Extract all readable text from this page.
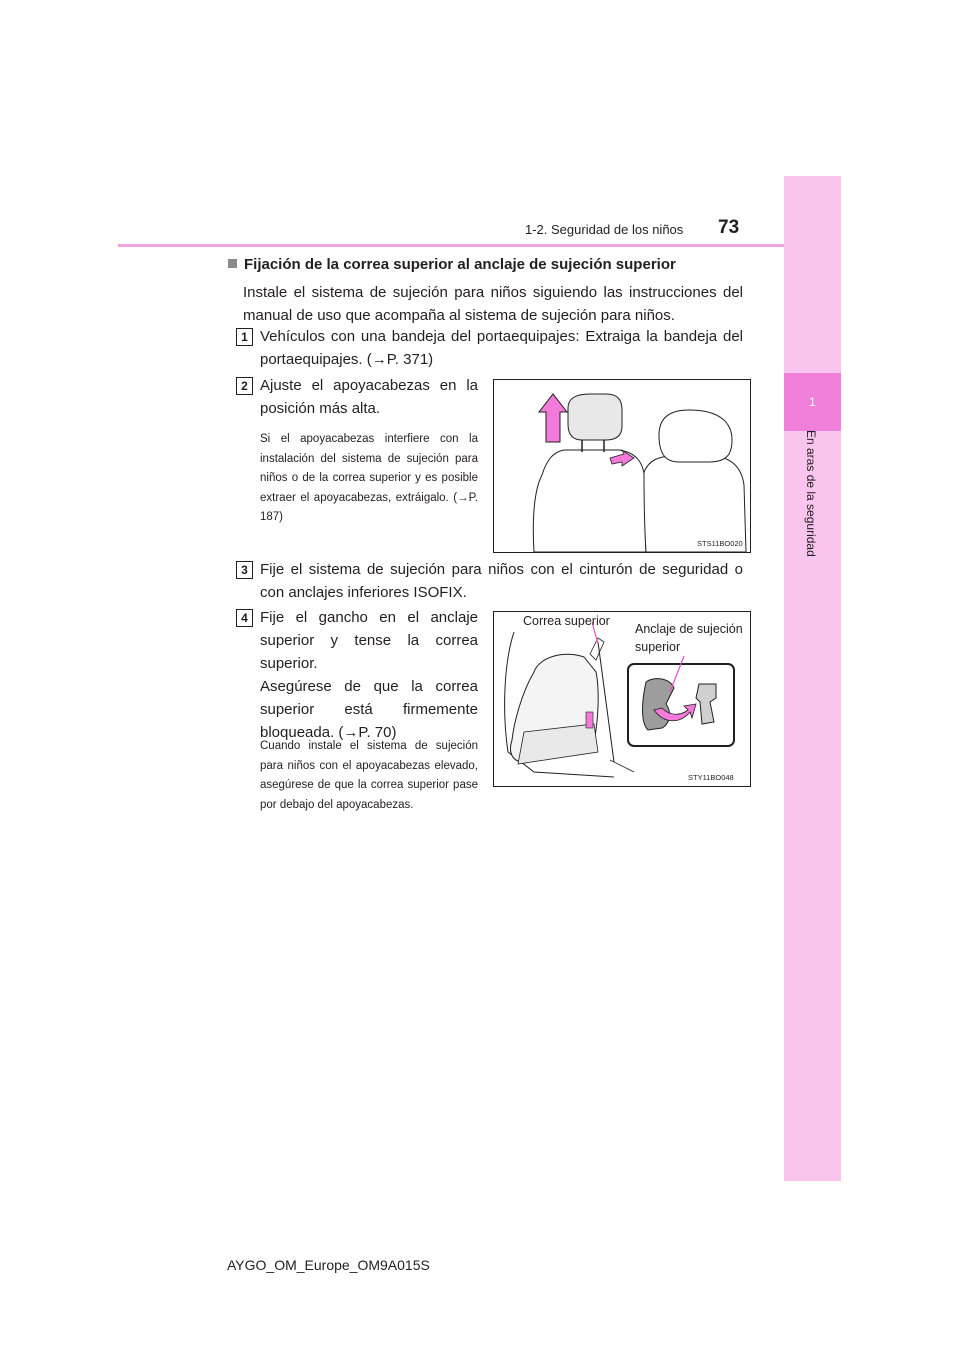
1
En aras de la seguridad
1-2. Seguridad de los niños 73
Fijación de la correa superior al anclaje de sujeción superior
Instale el sistema de sujeción para niños siguiendo las instrucciones del manual de uso que acompaña al sistema de sujeción para niños.
1 Vehículos con una bandeja del portaequipajes: Extraiga la bandeja del portaequipajes. (→P. 371)
2 Ajuste el apoyacabezas en la posición más alta.
Si el apoyacabezas interfiere con la instalación del sistema de sujeción para niños o de la correa superior y es posible extraer el apoyacabezas, extráigalo. (→P. 187)
STS11BO020
3 Fije el sistema de sujeción para niños con el cinturón de seguridad o con anclajes inferiores ISOFIX.
4 Fije el gancho en el anclaje superior y tense la correa superior.
Asegúrese de que la correa superior está firmemente bloqueada. (→P. 70)
Cuando instale el sistema de sujeción para niños con el apoyacabezas elevado, asegúrese de que la correa superior pase por debajo del apoyacabezas.
Correa superior
Anclaje de sujeción superior
STY11BO048
AYGO_OM_Europe_OM9A015S
